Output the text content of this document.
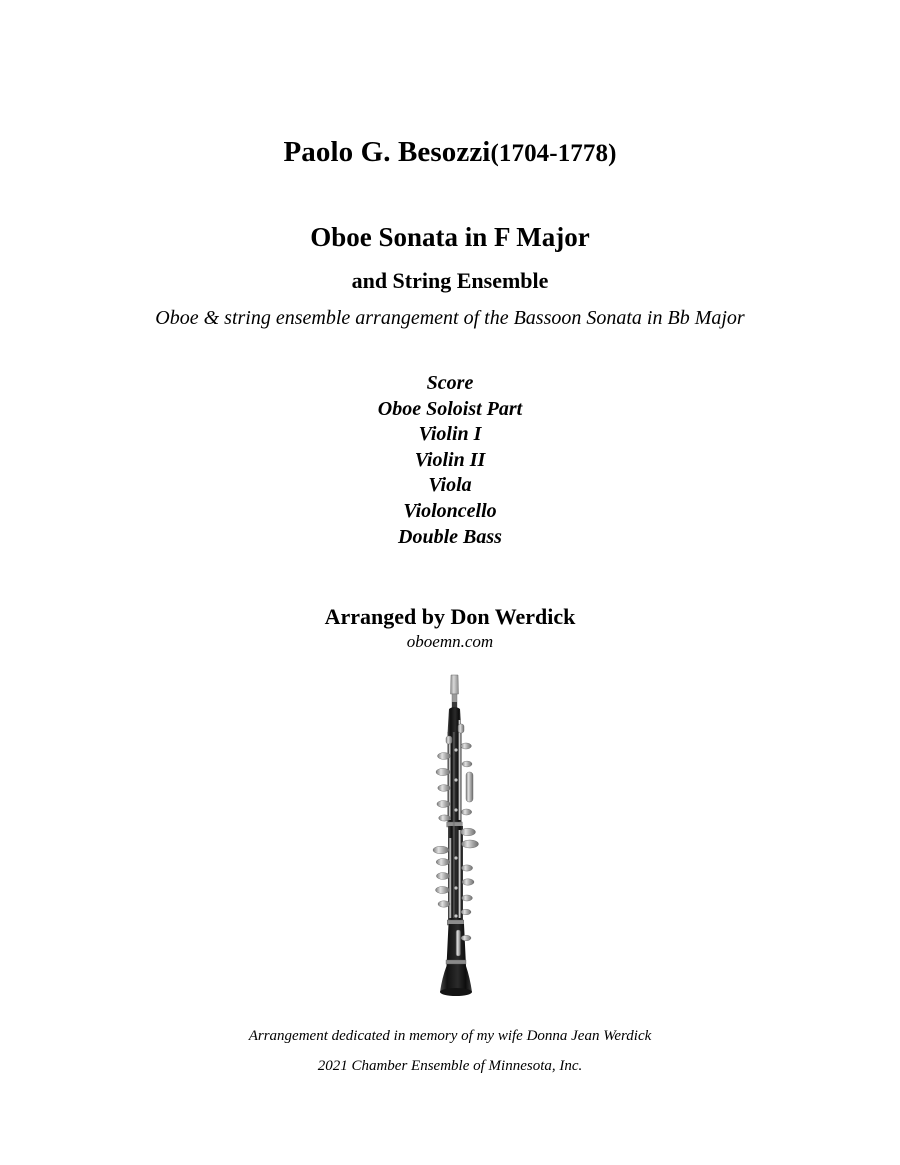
Paolo G. Besozzi(1704-1778)
Oboe Sonata in F Major
and String Ensemble
Oboe & string ensemble arrangement of the Bassoon Sonata in Bb Major
Score
Oboe Soloist Part
Violin I
Violin II
Viola
Violoncello
Double Bass
Arranged by Don Werdick
oboemn.com
Arrangement dedicated in memory of my wife Donna Jean Werdick
2021 Chamber Ensemble of Minnesota, Inc.
